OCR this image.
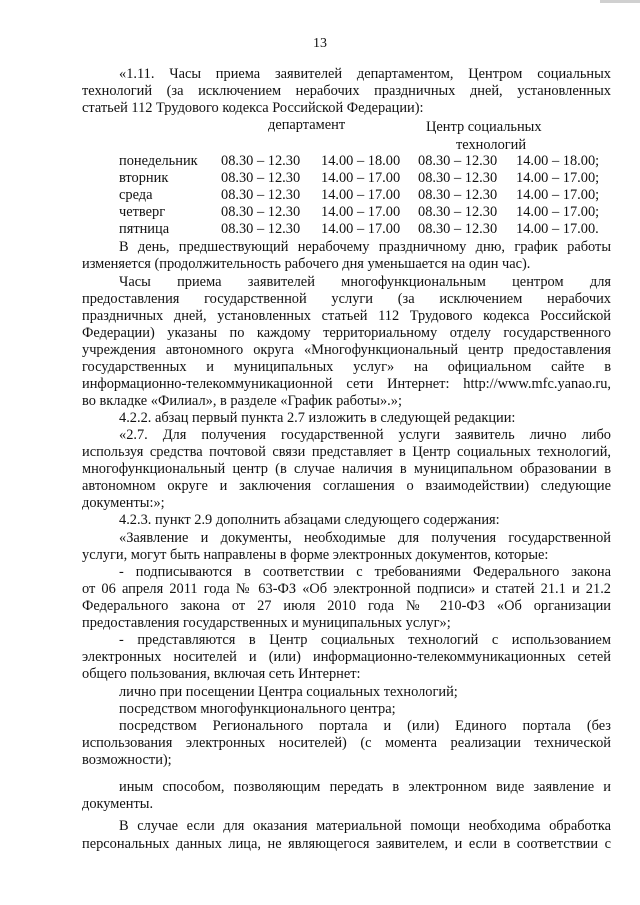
13
«1.11. Часы приема заявителей департаментом, Центром социальных
технологий (за исключением нерабочих праздничных дней, установленных
статьей 112 Трудового кодекса Российской Федерации):
департамент	Центр социальных
технологий
понедельник 08.30 – 12.30 14.00 – 18.00 08.30 – 12.30 14.00 – 18.00;
вторник	08.30 – 12.30 14.00 – 17.00 08.30 – 12.30 14.00 – 17.00;
среда	08.30 – 12.30 14.00 – 17.00 08.30 – 12.30 14.00 – 17.00;
четверг	08.30 – 12.30 14.00 – 17.00 08.30 – 12.30 14.00 – 17.00;
пятница	08.30 – 12.30 14.00 – 17.00 08.30 – 12.30 14.00 – 17.00.
В день, предшествующий нерабочему праздничному дню, график работы
изменяется (продолжительность рабочего дня уменьшается на один час).
Часы приема заявителей многофункциональным центром для
предоставления государственной услуги (за исключением нерабочих
праздничных дней, установленных статьей 112 Трудового кодекса Российской
Федерации) указаны по каждому территориальному отделу государственного
учреждения автономного округа «Многофункциональный центр предоставления
государственных и муниципальных услуг» на официальном сайте в
информационно-телекоммуникационной сети Интернет: http://www.mfc.yanao.ru,
во вкладке «Филиал», в разделе «График работы».»;
4.2.2. абзац первый пункта 2.7 изложить в следующей редакции:
«2.7. Для получения государственной услуги заявитель лично либо
используя средства почтовой связи представляет в Центр социальных технологий,
многофункциональный центр (в случае наличия в муниципальном образовании в
автономном округе и заключения соглашения о взаимодействии) следующие
документы:»;
4.2.3. пункт 2.9 дополнить абзацами следующего содержания:
«Заявление и документы, необходимые для получения государственной
услуги, могут быть направлены в форме электронных документов, которые:
- подписываются в соответствии с требованиями Федерального закона
от 06 апреля 2011 года № 63-ФЗ «Об электронной подписи» и статей 21.1 и 21.2
Федерального закона от 27 июля 2010 года № 210-ФЗ «Об организации
предоставления государственных и муниципальных услуг»;
- представляются в Центр социальных технологий с использованием
электронных носителей и (или) информационно-телекоммуникационных сетей
общего пользования, включая сеть Интернет:
лично при посещении Центра социальных технологий;
посредством многофункционального центра;
посредством Регионального портала и (или) Единого портала (без
использования электронных носителей) (с момента реализации технической
возможности);
иным способом, позволяющим передать в электронном виде заявление и
документы.
В случае если для оказания материальной помощи необходима обработка
персональных данных лица, не являющегося заявителем, и если в соответствии с
